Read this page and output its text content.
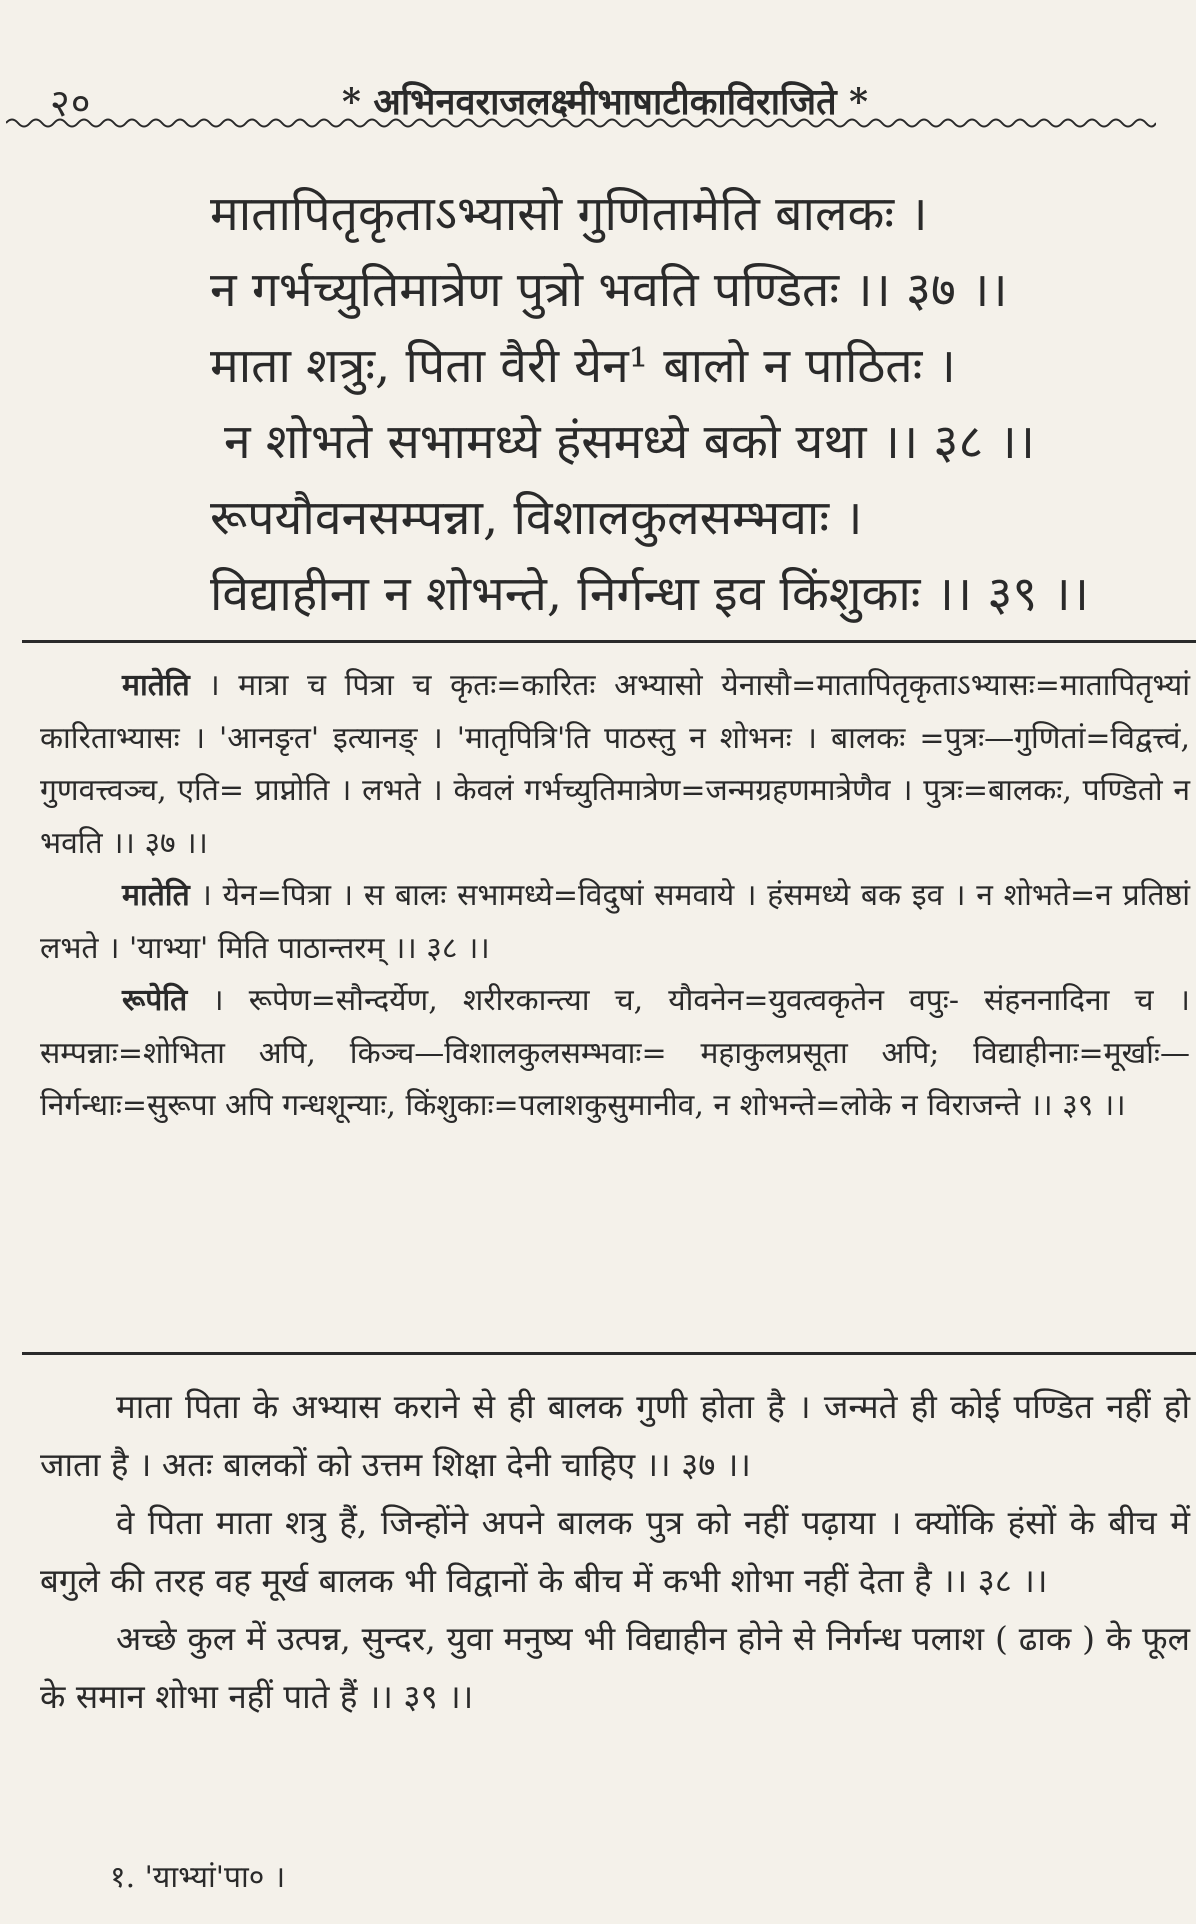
२०	* अभिनवराजलक्ष्मीभाषाटीकाविराजिते *
मातापितृकृताऽभ्यासो गुणितामेति बालकः ।
न गर्भच्युतिमात्रेण पुत्रो भवति पण्डितः ।। ३७ ।।
माता शत्रुः, पिता वैरी येन¹ बालो न पाठितः ।
न शोभते सभामध्ये हंसमध्ये बको यथा ।। ३८ ।।
रूपयौवनसम्पन्ना, विशालकुलसम्भवाः ।
विद्याहीना न शोभन्ते, निर्गन्धा इव किंशुकाः ।। ३९ ।।

मातेति । मात्रा च पित्रा च कृतः=कारितः अभ्यासो येनासौ=मातापितृकृताऽभ्यासः=मातापितृभ्यां कारिताभ्यासः । 'आनङृत' इत्यानङ् । 'मातृपित्रि'ति पाठस्तु न शोभनः । बालकः =पुत्रः—गुणितां=विद्वत्त्वं, गुणवत्त्वञ्च, एति= प्राप्नोति । लभते । केवलं गर्भच्युतिमात्रेण=जन्मग्रहणमात्रेणैव । पुत्रः=बालकः, पण्डितो न भवति ।। ३७ ।।

मातेति । येन=पित्रा । स बालः सभामध्ये=विदुषां समवाये । हंसमध्ये बक इव । न शोभते=न प्रतिष्ठां लभते । 'याभ्या' मिति पाठान्तरम् ।। ३८ ।।

रूपेति । रूपेण=सौन्दर्येण, शरीरकान्त्या च, यौवनेन=युवत्वकृतेन वपुः- संहननादिना च । सम्पन्नाः=शोभिता अपि, किञ्च—विशालकुलसम्भवाः= महाकुलप्रसूता अपि; विद्याहीनाः=मूर्खाः—निर्गन्धाः=सुरूपा अपि गन्धशून्याः, किंशुकाः=पलाशकुसुमानीव, न शोभन्ते=लोके न विराजन्ते ।। ३९ ।।

माता पिता के अभ्यास कराने से ही बालक गुणी होता है । जन्मते ही कोई पण्डित नहीं हो जाता है । अतः बालकों को उत्तम शिक्षा देनी चाहिए ।। ३७ ।।

वे पिता माता शत्रु हैं, जिन्होंने अपने बालक पुत्र को नहीं पढ़ाया । क्योंकि हंसों के बीच में बगुले की तरह वह मूर्ख बालक भी विद्वानों के बीच में कभी शोभा नहीं देता है ।। ३८ ।।

अच्छे कुल में उत्पन्न, सुन्दर, युवा मनुष्य भी विद्याहीन होने से निर्गन्ध पलाश ( ढाक ) के फूल के समान शोभा नहीं पाते हैं ।। ३९ ।।

१. 'याभ्यां'पा० ।
